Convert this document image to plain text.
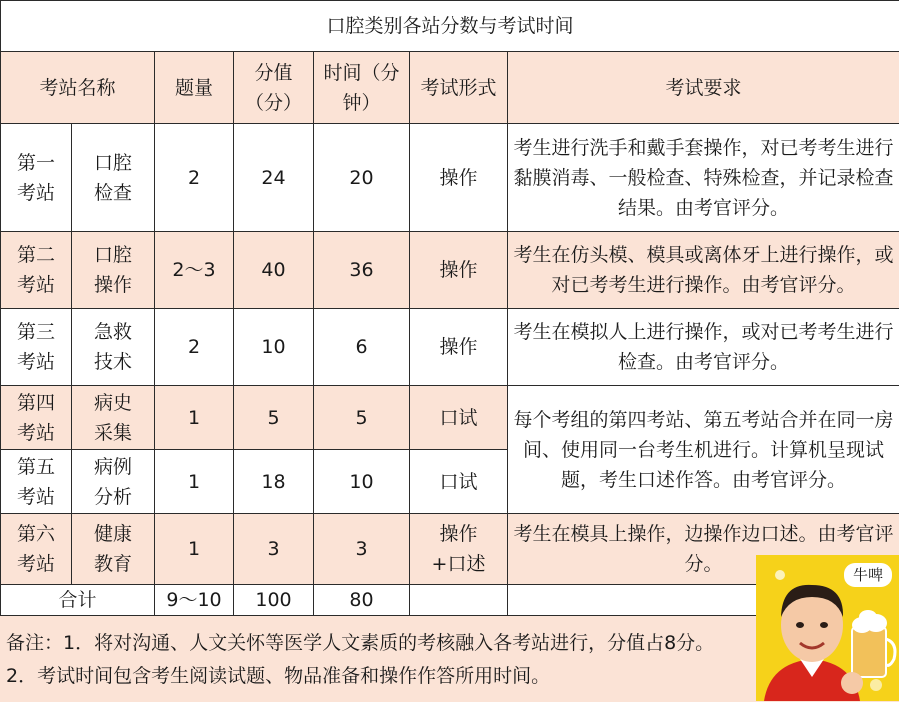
口腔类别各站分数与考试时间						
考站名称		题量	分值（分）	时间（分钟）	考试形式	考试要求
第一考站	口腔检查	2	24	20	操作	考生进行洗手和戴手套操作，对已考考生进行黏膜消毒、一般检查、特殊检查，并记录检查结果。由考官评分。
第二考站	口腔操作	2～3	40	36	操作	考生在仿头模、模具或离体牙上进行操作，或对已考考生进行操作。由考官评分。
第三考站	急救技术	2	10	6	操作	考生在模拟人上进行操作，或对已考考生进行检查。由考官评分。
第四考站	病史采集	1	5	5	口试	每个考组的第四考站、第五考站合并在同一房间、使用同一台考生机进行。计算机呈现试题，考生口述作答。由考官评分。
第五考站	病例分析	1	18	10	口试	
第六考站	健康教育	1	3	3	操作+口述	考生在模具上操作，边操作边口述。由考官评分。
合计		9～10	100	80		
备注：1．将对沟通、人文关怀等医学人文素质的考核融入各考站进行，分值占8分。
2．考试时间包含考生阅读试题、物品准备和操作作答所用时间。
牛啤
